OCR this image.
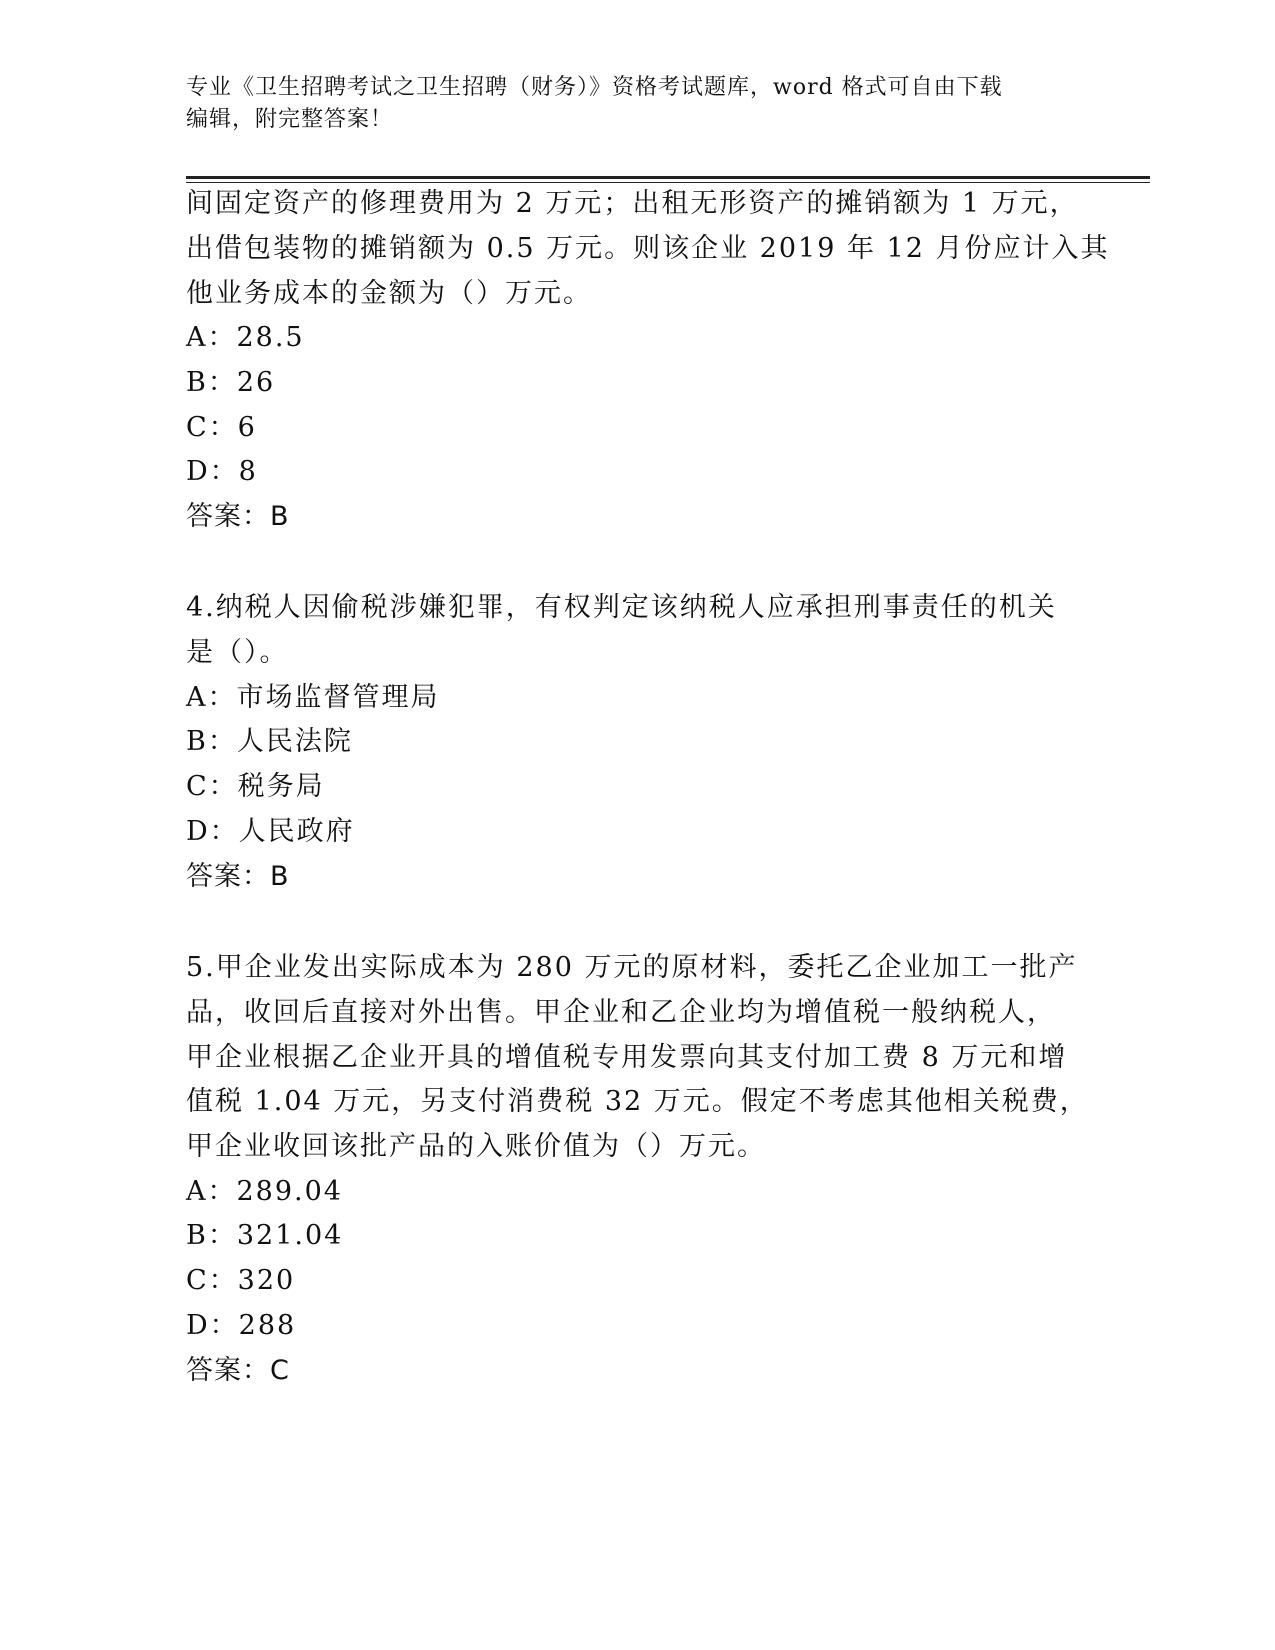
专业《卫生招聘考试之卫生招聘（财务）》资格考试题库，word 格式可自由下载
编辑，附完整答案！
间固定资产的修理费用为 2 万元；出租无形资产的摊销额为 1 万元，
出借包装物的摊销额为 0.5 万元。则该企业 2019 年 12 月份应计入其
他业务成本的金额为（）万元。
A：28.5
B：26
C：6
D：8
答案：B
4.纳税人因偷税涉嫌犯罪，有权判定该纳税人应承担刑事责任的机关
是（）。
A：市场监督管理局
B：人民法院
C：税务局
D：人民政府
答案：B
5.甲企业发出实际成本为 280 万元的原材料，委托乙企业加工一批产
品，收回后直接对外出售。甲企业和乙企业均为增值税一般纳税人，
甲企业根据乙企业开具的增值税专用发票向其支付加工费 8 万元和增
值税 1.04 万元，另支付消费税 32 万元。假定不考虑其他相关税费，
甲企业收回该批产品的入账价值为（）万元。
A：289.04
B：321.04
C：320
D：288
答案：C
